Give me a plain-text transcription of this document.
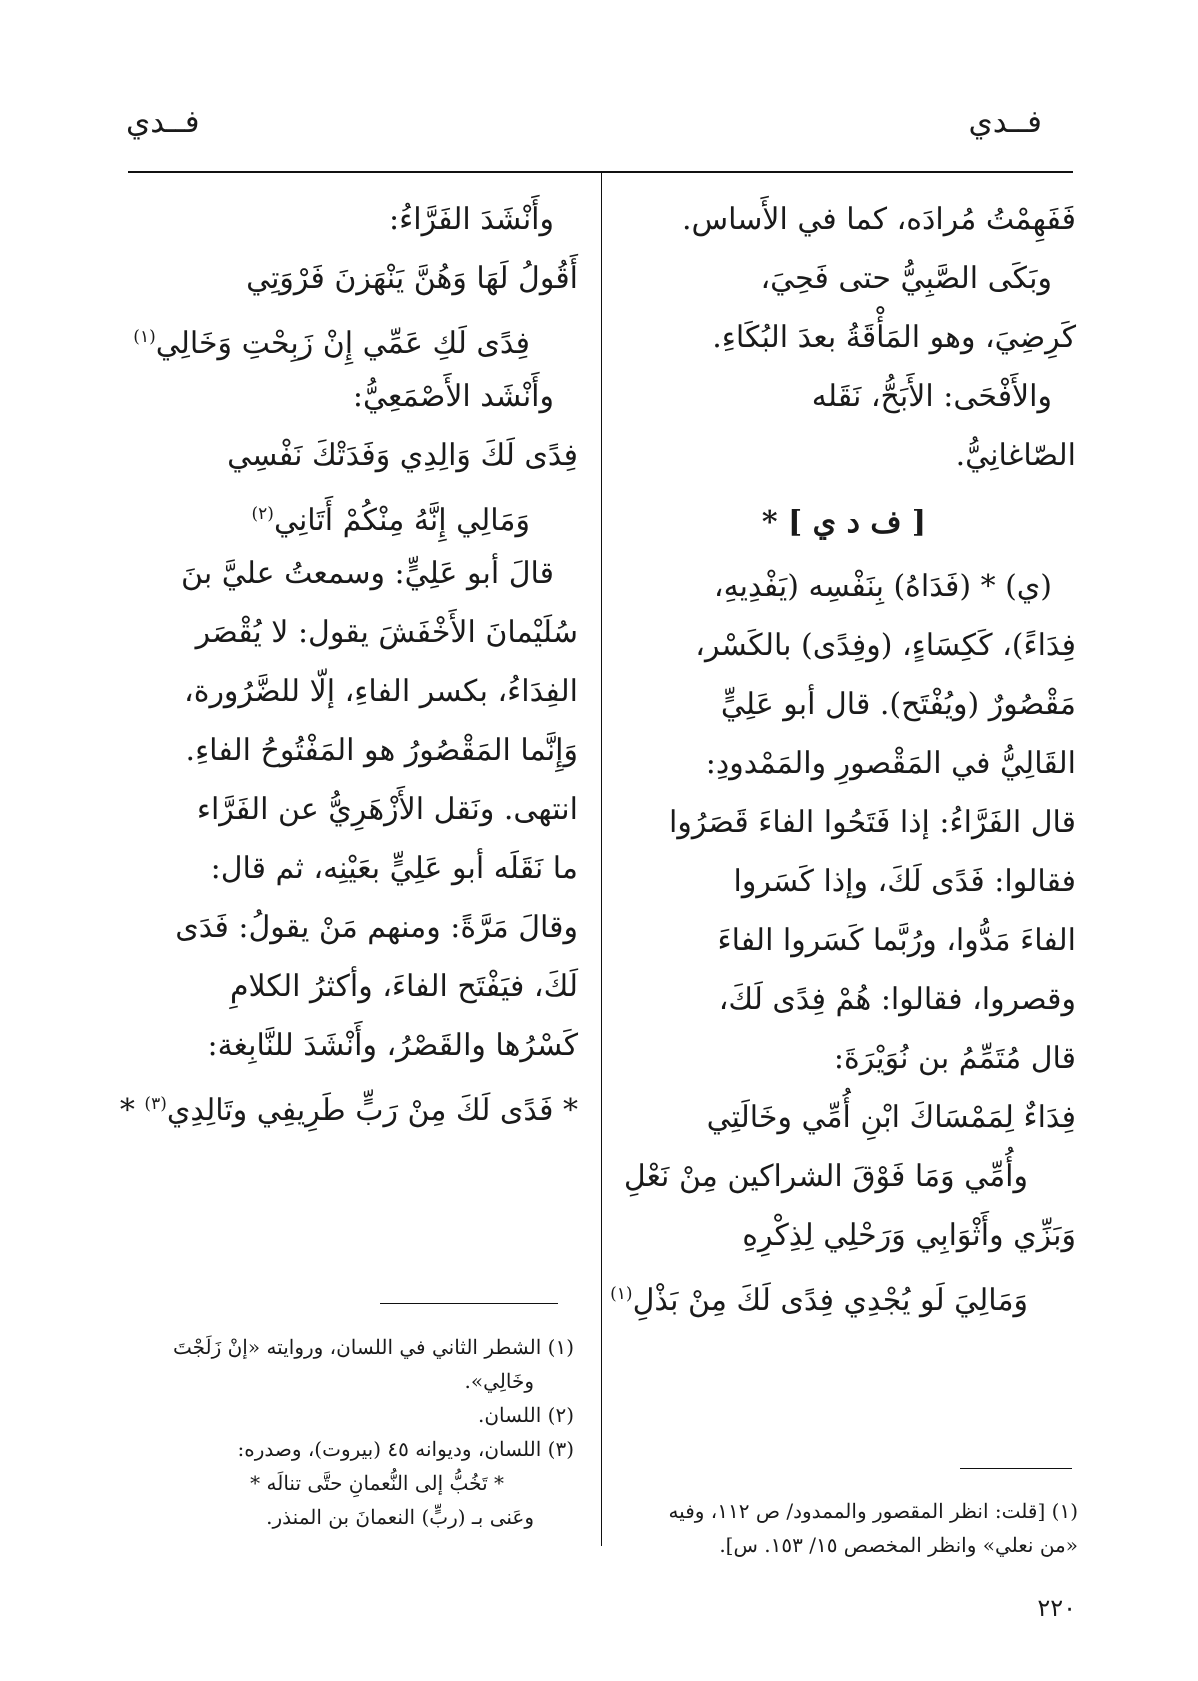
فــدي
فــدي
فَفَهِمْتُ مُرادَه، كما في الأَساس.
وبَكَى الصَّبِيُّ حتى فَحِيَ،
كَرِضِيَ، وهو المَأْقَةُ بعدَ البُكَاءِ.
والأَفْحَى: الأَبَحُّ، نَقَله
الصّاغانِيُّ.
[ ف د ي ] *
(ي) * (فَدَاهُ) بِنَفْسِه (يَفْدِيهِ،
فِدَاءً)، كَكِسَاءٍ، (وفِدًى) بالكَسْر،
مَقْصُورٌ (ويُفْتَح). قال أبو عَلِيٍّ
القَالِيُّ في المَقْصورِ والمَمْدودِ:
قال الفَرَّاءُ: إذا فَتَحُوا الفاءَ قَصَرُوا
فقالوا: فَدًى لَكَ، وإذا كَسَروا
الفاءَ مَدُّوا، ورُبَّما كَسَروا الفاءَ
وقصروا، فقالوا: هُمْ فِدًى لَكَ،
قال مُتَمِّمُ بن نُوَيْرَةَ:
فِدَاءٌ لِمَمْسَاكَ ابْنِ أُمِّي وخَالَتِي
وأُمِّي وَمَا فَوْقَ الشراكين مِنْ نَعْلِ
وَبَزِّي وأَثْوَابِي وَرَحْلِي لِذِكْرِهِ
وَمَالِيَ لَو يُجْدِي فِدًى لَكَ مِنْ بَذْلِ$^{(١)}$
وأَنْشَدَ الفَرَّاءُ:
أَقُولُ لَهَا وَهُنَّ يَنْهَزنَ فَرْوَتِي
فِدًى لَكِ عَمِّي إِنْ زَبِحْتِ وَخَالِي$^{(١)}$
وأَنْشَد الأَصْمَعِيُّ:
فِدًى لَكَ وَالِدِي وَفَدَتْكَ نَفْسِي
وَمَالِي إِنَّهُ مِنْكُمْ أَتَانِي$^{(٢)}$
قالَ أبو عَلِيٍّ: وسمعتُ عليَّ بنَ
سُلَيْمانَ الأَخْفَشَ يقول: لا يُقْصَر
الفِدَاءُ، بكسر الفاءِ، إلّا للضَّرُورة،
وَإِنَّما المَقْصُورُ هو المَفْتُوحُ الفاءِ.
انتهى. ونَقل الأَزْهَرِيُّ عن الفَرَّاء
ما نَقَلَه أبو عَلِيٍّ بعَيْنِه، ثم قال:
وقالَ مَرَّةً: ومنهم مَنْ يقولُ: فَدَى
لَكَ، فيَفْتَح الفاءَ، وأكثرُ الكلامِ
كَسْرُها والقَصْرُ، وأَنْشَدَ للنَّابِغة:
* فَدًى لَكَ مِنْ رَبٍّ طَرِيفِي وتَالِدِي$^{(٣)}$ *
(١) [قلت: انظر المقصور والممدود/ ص ١١٢، وفيه
«من نعلي» وانظر المخصص ١٥/ ١٥٣. س].
(١) الشطر الثاني في اللسان، وروايته «إنْ زَلَجْتَ
وخَالِي».
(٢) اللسان.
(٣) اللسان، وديوانه ٤٥ (بيروت)، وصدره:
* تَخُبُّ إلى النُّعمانِ حتَّى تنالَه *
وعَنى بـ (ربٍّ) النعمانَ بن المنذر.
٢٢٠
